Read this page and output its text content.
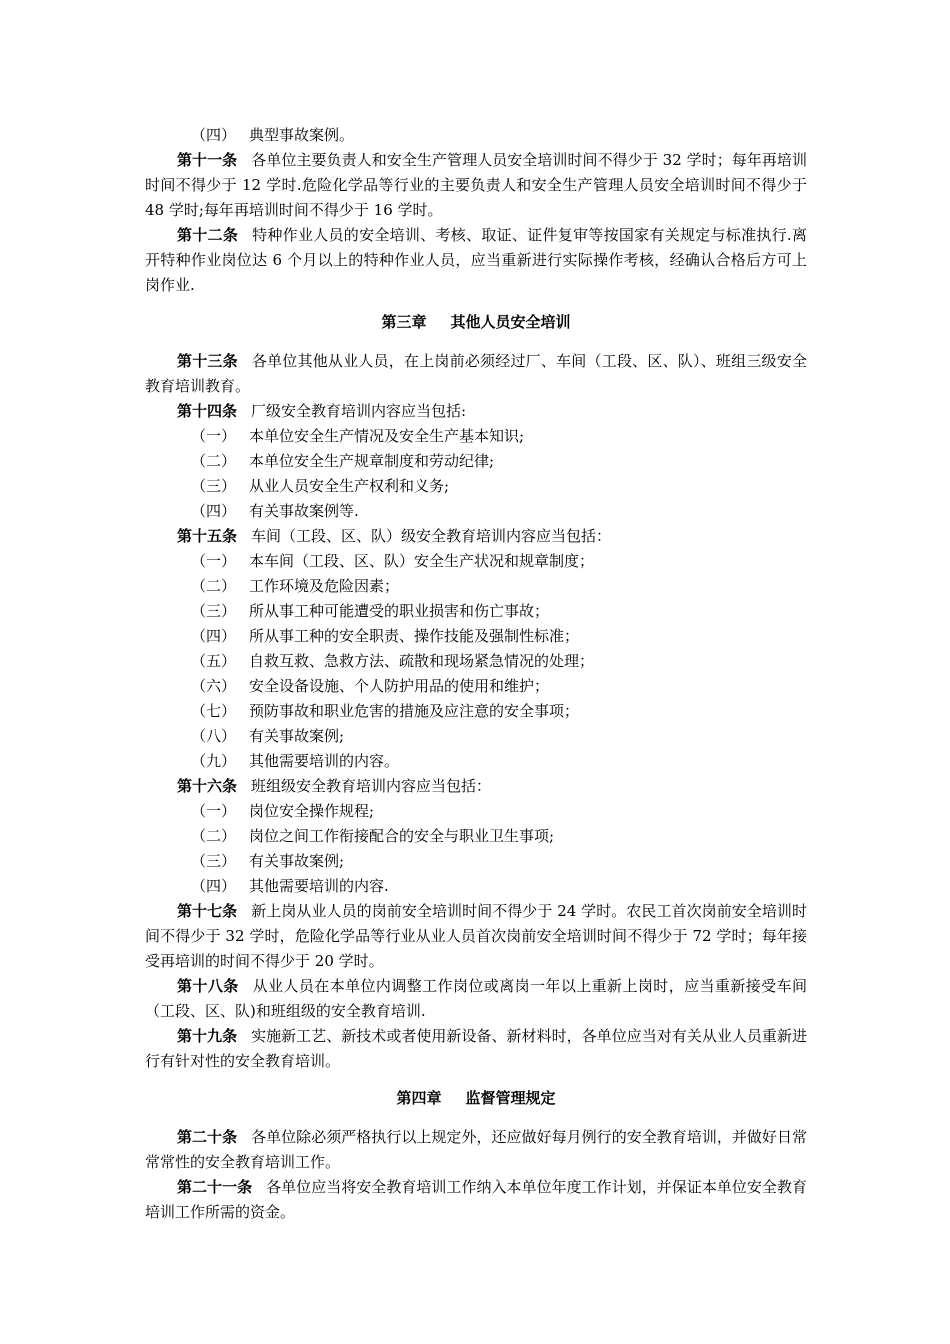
（四） 典型事故案例。

第十一条 各单位主要负责人和安全生产管理人员安全培训时间不得少于 32 学时；每年再培训时间不得少于 12 学时.危险化学品等行业的主要负责人和安全生产管理人员安全培训时间不得少于 48 学时;每年再培训时间不得少于 16 学时。

第十二条 特种作业人员的安全培训、考核、取证、证件复审等按国家有关规定与标准执行.离开特种作业岗位达 6 个月以上的特种作业人员，应当重新进行实际操作考核，经确认合格后方可上岗作业.

第三章 其他人员安全培训

第十三条 各单位其他从业人员，在上岗前必须经过厂、车间（工段、区、队）、班组三级安全教育培训教育。

第十四条 厂级安全教育培训内容应当包括:

（一） 本单位安全生产情况及安全生产基本知识;
（二） 本单位安全生产规章制度和劳动纪律;
（三） 从业人员安全生产权利和义务;
（四） 有关事故案例等.

第十五条 车间（工段、区、队）级安全教育培训内容应当包括：

（一） 本车间（工段、区、队）安全生产状况和规章制度；
（二） 工作环境及危险因素；
（三） 所从事工种可能遭受的职业损害和伤亡事故；
（四） 所从事工种的安全职责、操作技能及强制性标准；
（五） 自救互救、急救方法、疏散和现场紧急情况的处理；
（六） 安全设备设施、个人防护用品的使用和维护；
（七） 预防事故和职业危害的措施及应注意的安全事项；
（八） 有关事故案例;
（九） 其他需要培训的内容。

第十六条 班组级安全教育培训内容应当包括：

（一） 岗位安全操作规程;
（二） 岗位之间工作衔接配合的安全与职业卫生事项;
（三） 有关事故案例;
（四） 其他需要培训的内容.

第十七条 新上岗从业人员的岗前安全培训时间不得少于 24 学时。农民工首次岗前安全培训时间不得少于 32 学时，危险化学品等行业从业人员首次岗前安全培训时间不得少于 72 学时；每年接受再培训的时间不得少于 20 学时。

第十八条 从业人员在本单位内调整工作岗位或离岗一年以上重新上岗时，应当重新接受车间（工段、区、队)和班组级的安全教育培训.

第十九条 实施新工艺、新技术或者使用新设备、新材料时，各单位应当对有关从业人员重新进行有针对性的安全教育培训。

第四章 监督管理规定

第二十条 各单位除必须严格执行以上规定外，还应做好每月例行的安全教育培训，并做好日常常常性的安全教育培训工作。

第二十一条 各单位应当将安全教育培训工作纳入本单位年度工作计划，并保证本单位安全教育培训工作所需的资金。
